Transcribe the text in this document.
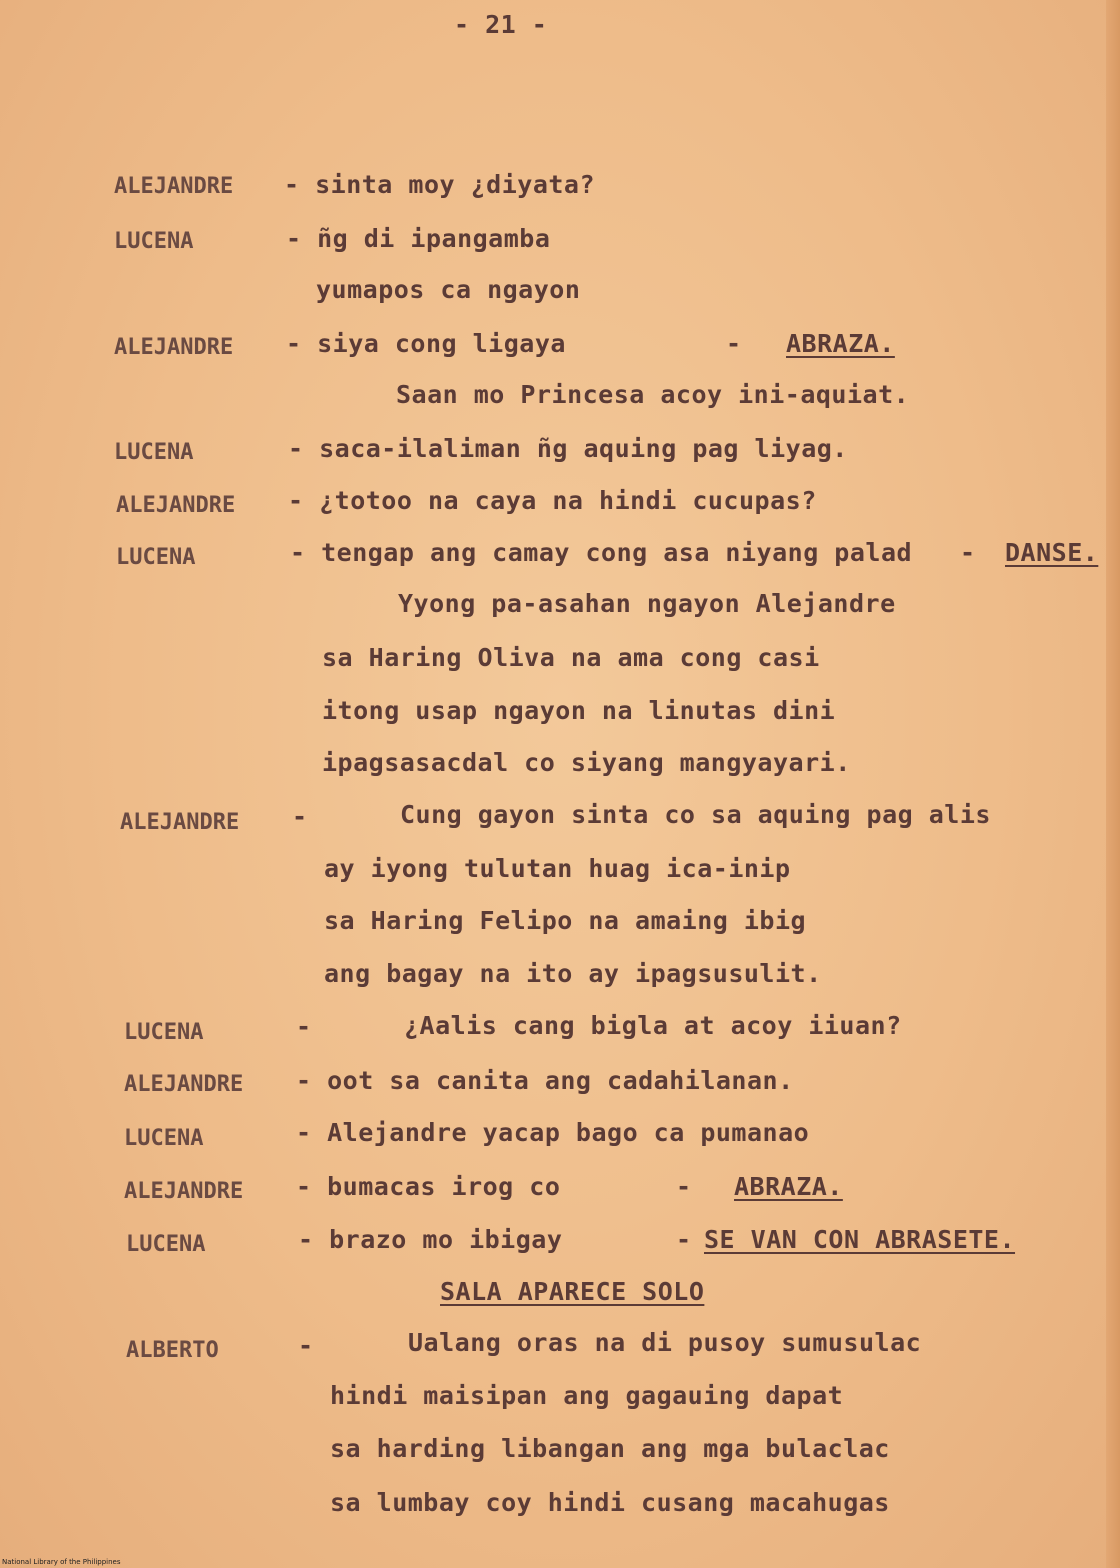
- 21 -
ALEJANDRE - sinta moy ¿diyata?
LUCENA	- ñg di ipangamba
yumapos ca ngayon
ALEJANDRE - siya cong ligaya	- ABRAZA.
Saan mo Princesa acoy ini-aquiat.
LUCENA	- saca-ilaliman ñg aquing pag liyag.
ALEJANDRE - ¿totoo na caya na hindi cucupas?
LUCENA	- tengap ang camay cong asa niyang palad - DANSE.
Yyong pa-asahan ngayon Alejandre
sa Haring Oliva na ama cong casi
itong usap ngayon na linutas dini
ipagsasacdal co siyang mangyayari.
ALEJANDRE -	Cung gayon sinta co sa aquing pag alis
ay iyong tulutan huag ica-inip
sa Haring Felipo na amaing ibig
ang bagay na ito ay ipagsusulit.
LUCENA	-	¿Aalis cang bigla at acoy iiuan?
ALEJANDRE - oot sa canita ang cadahilanan.
LUCENA	- Alejandre yacap bago ca pumanao
ALEJANDRE - bumacas irog co	- ABRAZA.
LUCENA	- brazo mo ibigay	- SE VAN CON ABRASETE.
SALA APARECE SOLO
ALBERTO	-	Ualang oras na di pusoy sumusulac
hindi maisipan ang gagauing dapat
sa harding libangan ang mga bulaclac
sa lumbay coy hindi cusang macahugas
National Library of the Philippines
